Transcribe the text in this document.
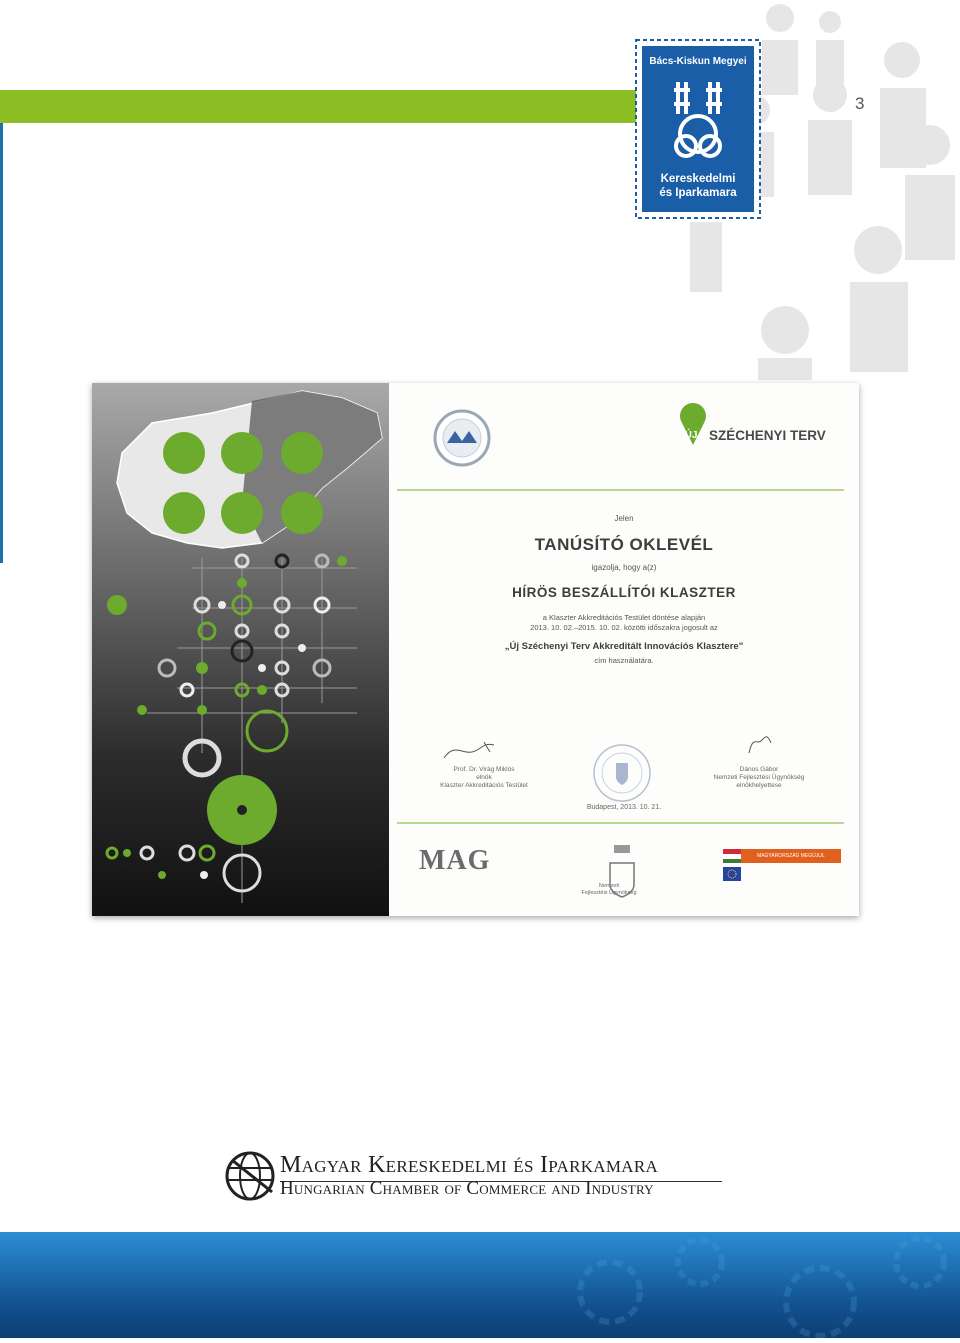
3
Bács-Kiskun Megyei
Kereskedelmi
és Iparkamara
ÚJ SZÉCHENYI TERV
Jelen
TANÚSÍTÓ OKLEVÉL
igazolja, hogy a(z)
HÍRÖS BESZÁLLÍTÓI KLASZTER
a Klaszter Akkreditációs Testület döntése alapján
2013. 10. 02.–2015. 10. 02. közötti időszakra jogosult az
„Új Széchenyi Terv Akkreditált Innovációs Klasztere"
cím használatára.
Prof. Dr. Virág Miklós
elnök
Klaszter Akkreditációs Testület
Dános Gábor
Nemzeti Fejlesztési Ügynökség
elnökhelyettese
Budapest, 2013. 10. 21.
MAG
Nemzeti
Fejlesztési Ügynökség
MAGYARORSZÁG MEGÚJUL
Magyar Kereskedelmi és Iparkamara
Hungarian Chamber of Commerce and Industry
